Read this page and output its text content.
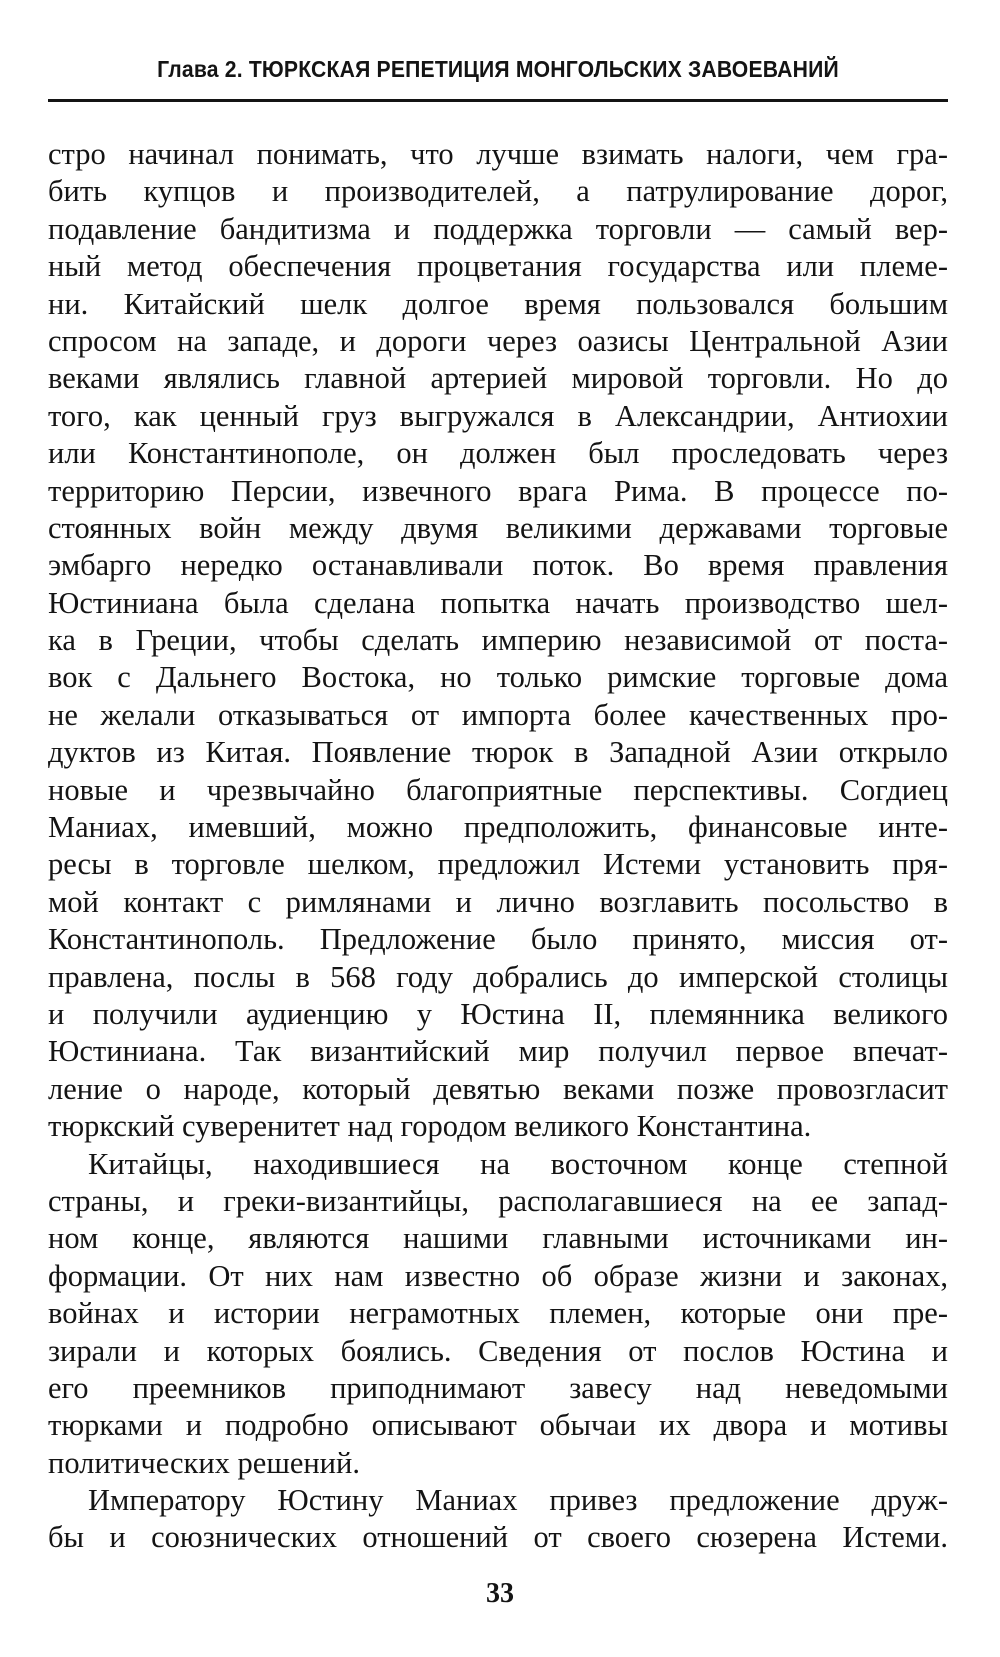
Глава 2. ТЮРКСКАЯ РЕПЕТИЦИЯ МОНГОЛЬСКИХ ЗАВОЕВАНИЙ
стро начинал понимать, что лучше взимать налоги, чем гра-
бить купцов и производителей, а патрулирование дорог,
подавление бандитизма и поддержка торговли — самый вер-
ный метод обеспечения процветания государства или племе-
ни. Китайский шелк долгое время пользовался большим
спросом на западе, и дороги через оазисы Центральной Азии
веками являлись главной артерией мировой торговли. Но до
того, как ценный груз выгружался в Александрии, Антиохии
или Константинополе, он должен был проследовать через
территорию Персии, извечного врага Рима. В процессе по-
стоянных войн между двумя великими державами торговые
эмбарго нередко останавливали поток. Во время правления
Юстиниана была сделана попытка начать производство шел-
ка в Греции, чтобы сделать империю независимой от поста-
вок с Дальнего Востока, но только римские торговые дома
не желали отказываться от импорта более качественных про-
дуктов из Китая. Появление тюрок в Западной Азии открыло
новые и чрезвычайно благоприятные перспективы. Согдиец
Маниах, имевший, можно предположить, финансовые инте-
ресы в торговле шелком, предложил Истеми установить пря-
мой контакт с римлянами и лично возглавить посольство в
Константинополь. Предложение было принято, миссия от-
правлена, послы в 568 году добрались до имперской столицы
и получили аудиенцию у Юстина II, племянника великого
Юстиниана. Так византийский мир получил первое впечат-
ление о народе, который девятью веками позже провозгласит
тюркский суверенитет над городом великого Константина.
Китайцы, находившиеся на восточном конце степной
страны, и греки-византийцы, располагавшиеся на ее запад-
ном конце, являются нашими главными источниками ин-
формации. От них нам известно об образе жизни и законах,
войнах и истории неграмотных племен, которые они пре-
зирали и которых боялись. Сведения от послов Юстина и
его преемников приподнимают завесу над неведомыми
тюрками и подробно описывают обычаи их двора и мотивы
политических решений.
Императору Юстину Маниах привез предложение друж-
бы и союзнических отношений от своего сюзерена Истеми.
33
